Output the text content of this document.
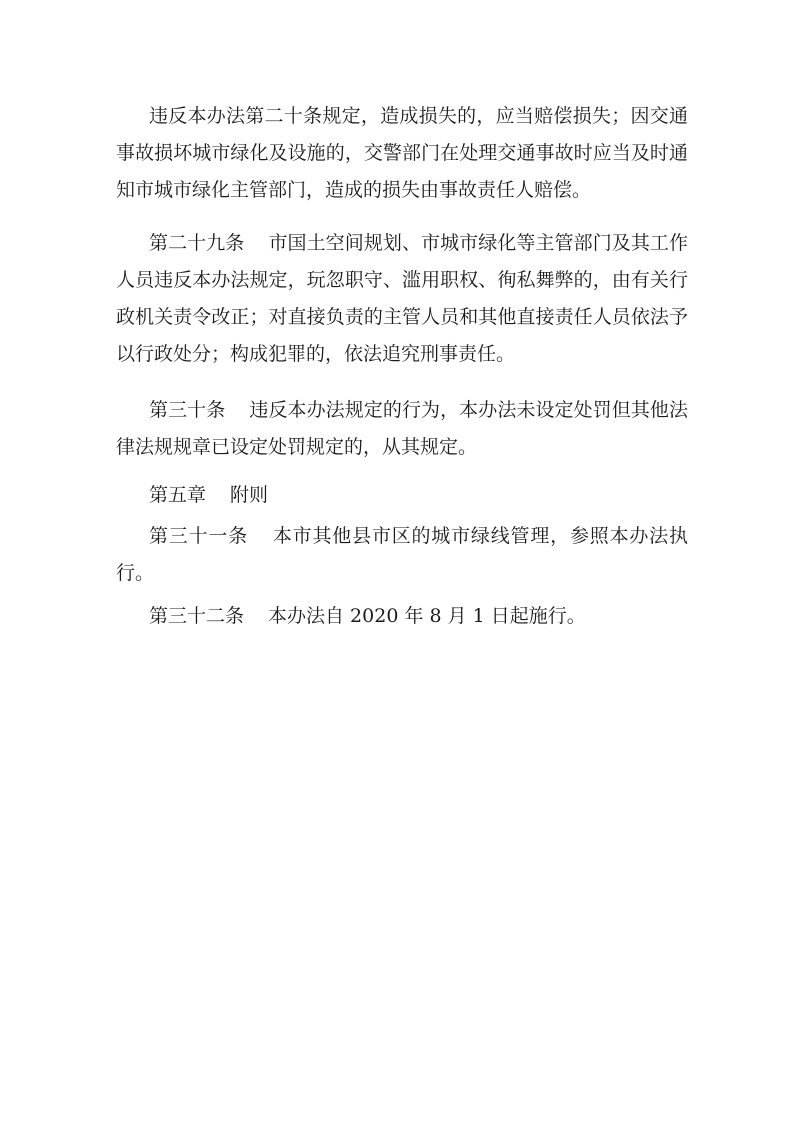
违反本办法第二十条规定，造成损失的，应当赔偿损失；因交通
事故损坏城市绿化及设施的，交警部门在处理交通事故时应当及时通
知市城市绿化主管部门，造成的损失由事故责任人赔偿。
第二十九条 市国土空间规划、市城市绿化等主管部门及其工作
人员违反本办法规定，玩忽职守、滥用职权、徇私舞弊的，由有关行
政机关责令改正；对直接负责的主管人员和其他直接责任人员依法予
以行政处分；构成犯罪的，依法追究刑事责任。
第三十条 违反本办法规定的行为，本办法未设定处罚但其他法
律法规规章已设定处罚规定的，从其规定。
第五章 附则
第三十一条 本市其他县市区的城市绿线管理，参照本办法执
行。
第三十二条 本办法自 2020 年 8 月 1 日起施行。
